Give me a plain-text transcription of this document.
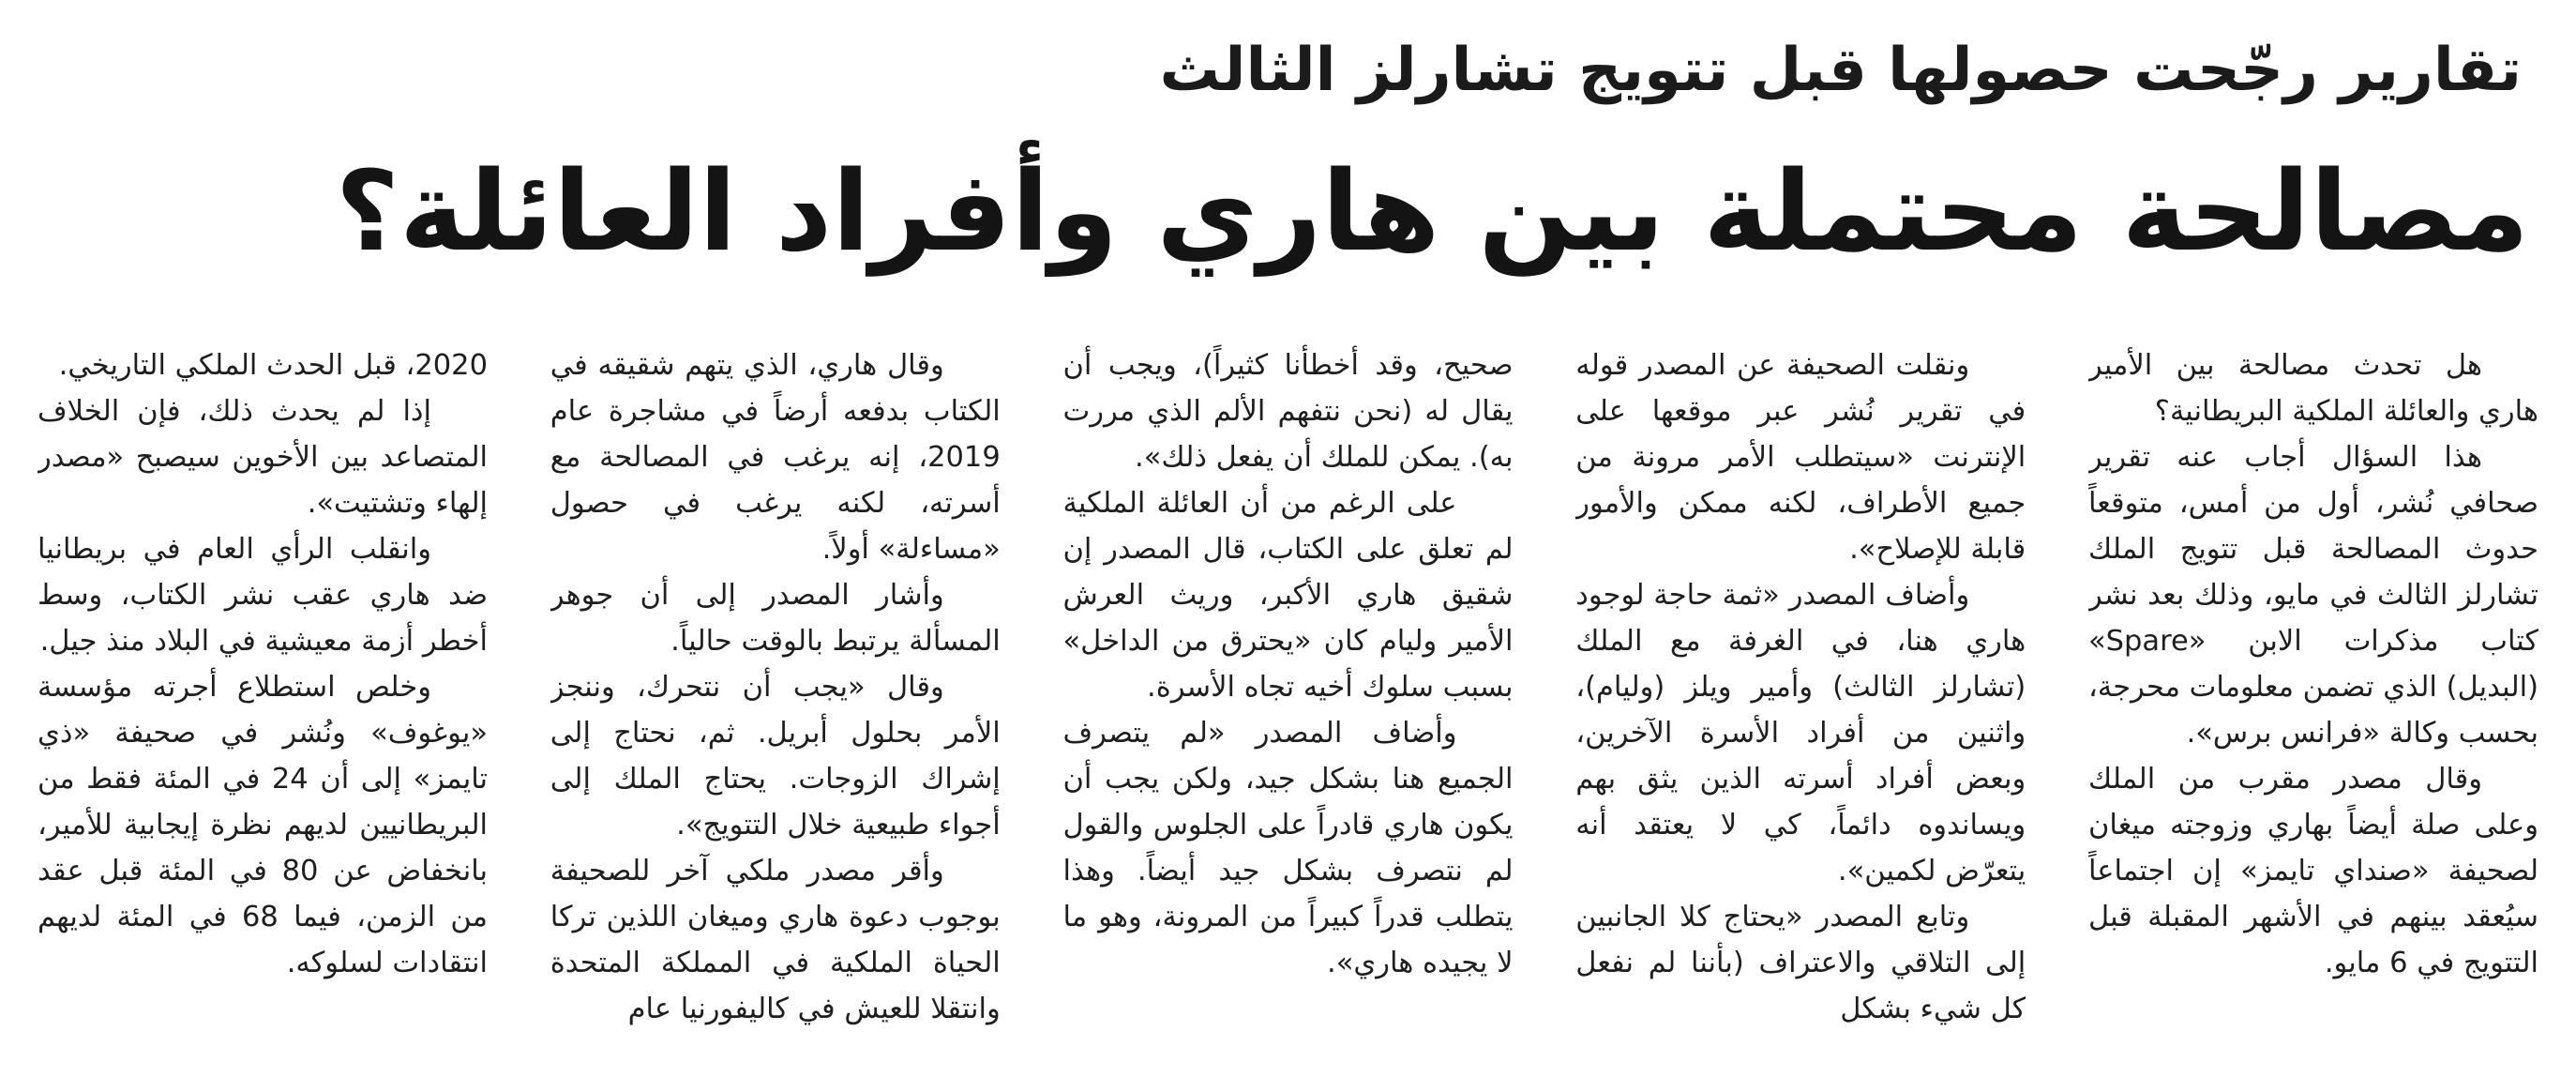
تقارير رجّحت حصولها قبل تتويج تشارلز الثالث
مصالحة محتملة بين هاري وأفراد العائلة؟

هل تحدث مصالحة بين الأمير هاري والعائلة الملكية البريطانية؟

هذا السؤال أجاب عنه تقرير صحافي نُشر، أول من أمس، متوقعاً حدوث المصالحة قبل تتويج الملك تشارلز الثالث في مايو، وذلك بعد نشر كتاب مذكرات الابن «Spare» (البديل) الذي تضمن معلومات محرجة، بحسب وكالة «فرانس برس».

وقال مصدر مقرب من الملك وعلى صلة أيضاً بهاري وزوجته ميغان لصحيفة «صنداي تايمز» إن اجتماعاً سيُعقد بينهم في الأشهر المقبلة قبل التتويج في 6 مايو.

ونقلت الصحيفة عن المصدر قوله في تقرير نُشر عبر موقعها على الإنترنت «سيتطلب الأمر مرونة من جميع الأطراف، لكنه ممكن والأمور قابلة للإصلاح».

وأضاف المصدر «ثمة حاجة لوجود هاري هنا، في الغرفة مع الملك (تشارلز الثالث) وأمير ويلز (وليام)، واثنين من أفراد الأسرة الآخرين، وبعض أفراد أسرته الذين يثق بهم ويساندوه دائماً، كي لا يعتقد أنه يتعرّض لكمين».

وتابع المصدر «يحتاج كلا الجانبين إلى التلاقي والاعتراف (بأننا لم نفعل كل شيء بشكل

صحيح، وقد أخطأنا كثيراً)، ويجب أن يقال له (نحن نتفهم الألم الذي مررت به). يمكن للملك أن يفعل ذلك».

على الرغم من أن العائلة الملكية لم تعلق على الكتاب، قال المصدر إن شقيق هاري الأكبر، وريث العرش الأمير وليام كان «يحترق من الداخل» بسبب سلوك أخيه تجاه الأسرة.

وأضاف المصدر «لم يتصرف الجميع هنا بشكل جيد، ولكن يجب أن يكون هاري قادراً على الجلوس والقول لم نتصرف بشكل جيد أيضاً. وهذا يتطلب قدراً كبيراً من المرونة، وهو ما لا يجيده هاري».

وقال هاري، الذي يتهم شقيقه في الكتاب بدفعه أرضاً في مشاجرة عام 2019، إنه يرغب في المصالحة مع أسرته، لكنه يرغب في حصول «مساءلة» أولاً.

وأشار المصدر إلى أن جوهر المسألة يرتبط بالوقت حالياً.

وقال «يجب أن نتحرك، وننجز الأمر بحلول أبريل. ثم، نحتاج إلى إشراك الزوجات. يحتاج الملك إلى أجواء طبيعية خلال التتويج».

وأقر مصدر ملكي آخر للصحيفة بوجوب دعوة هاري وميغان اللذين تركا الحياة الملكية في المملكة المتحدة وانتقلا للعيش في كاليفورنيا عام

2020، قبل الحدث الملكي التاريخي.

إذا لم يحدث ذلك، فإن الخلاف المتصاعد بين الأخوين سيصبح «مصدر إلهاء وتشتيت».

وانقلب الرأي العام في بريطانيا ضد هاري عقب نشر الكتاب، وسط أخطر أزمة معيشية في البلاد منذ جيل.

وخلص استطلاع أجرته مؤسسة «يوغوف» ونُشر في صحيفة «ذي تايمز» إلى أن 24 في المئة فقط من البريطانيين لديهم نظرة إيجابية للأمير، بانخفاض عن 80 في المئة قبل عقد من الزمن، فيما 68 في المئة لديهم انتقادات لسلوكه.
